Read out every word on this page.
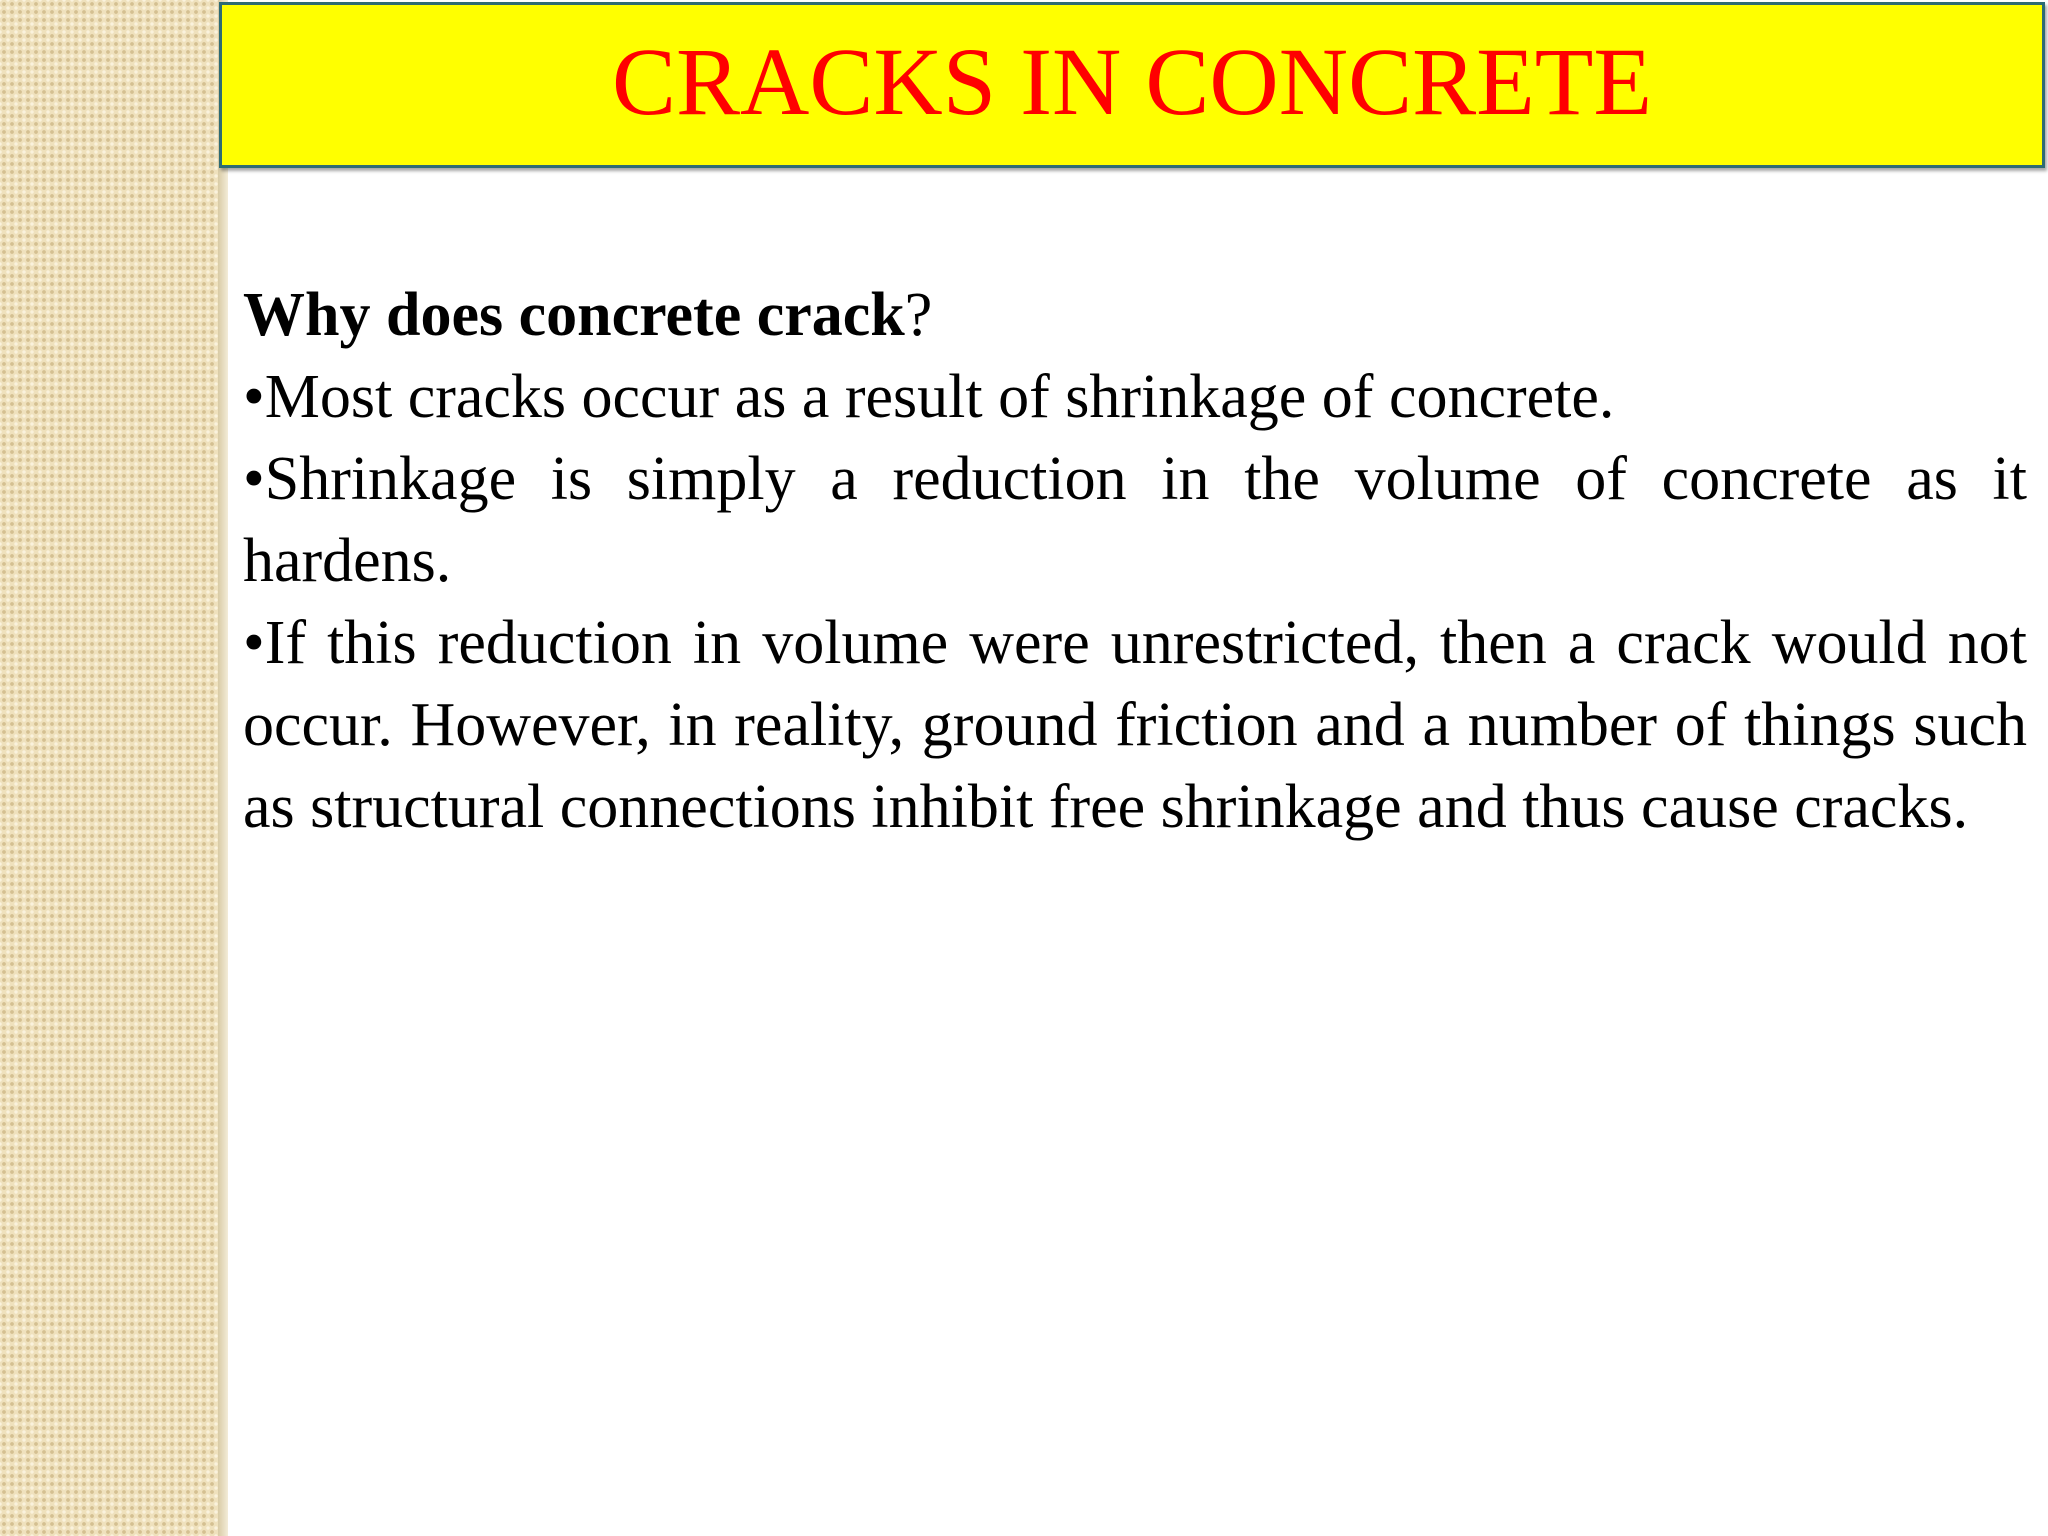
CRACKS IN CONCRETE

Why does concrete crack?

•Most cracks occur as a result of shrinkage of concrete.

•Shrinkage is simply a reduction in the volume of concrete as it hardens.

•If this reduction in volume were unrestricted, then a crack would not occur. However, in reality, ground friction and a number of things such as structural connections inhibit free shrinkage and thus cause cracks.
